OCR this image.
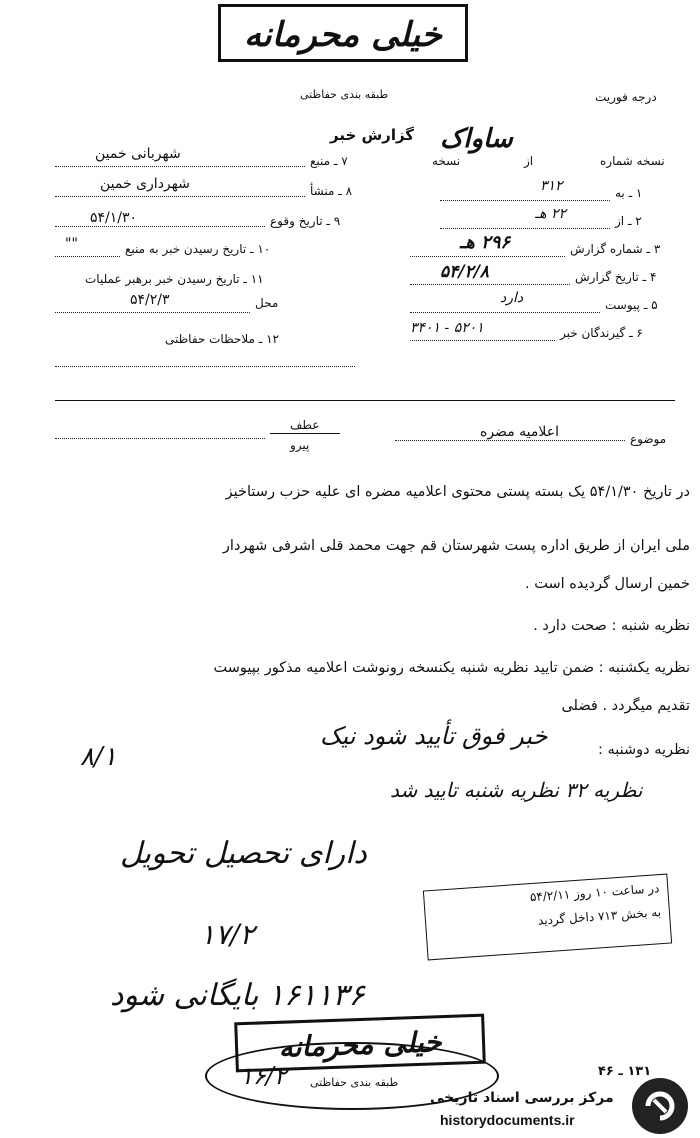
خیلی محرمانه
طبقه بندی حفاظتی	درجه فوریت
گزارش خبر
نسخه شماره
ساواک
از
نسخه
۱ ـ به
۳۱۲
۲ ـ از
۲۲ هـ
۳ ـ شماره گزارش
۲۹۶ هـ
۴ ـ تاریخ گزارش
۵۴/۲/۸
۵ ـ پیوست
دارد
۶ ـ گیرندگان خبر
۳۴۰۱ - ۵۲۰۱
۷ ـ منبع
شهربانی خمین
۸ ـ منشأ
شهرداری خمین
۹ ـ تاریخ وقوع
۵۴/۱/۳۰
۱۰ ـ تاریخ رسیدن خبر به منبع
""
۱۱ ـ تاریخ رسیدن خبر برهبر عملیات
محل
۵۴/۲/۳
۱۲ ـ ملاحظات حفاظتی
عطف
پیرو	موضوع
اعلامیه مضره
در تاریخ ۵۴/۱/۳۰ یک بسته پستی محتوی اعلامیه مضره ای علیه حزب رستاخیز
ملی ایران از طریق اداره پست شهرستان قم جهت محمد قلی اشرفی شهردار
خمین ارسال گردیده است .
نظریه شنبه : صحت دارد .
نظریه یکشنبه : ضمن تایید نظریه شنبه یکنسخه رونوشت اعلامیه مذکور بپیوست
تقدیم میگردد . فضلی
نظریه دوشنبه :
خبر فوق تأیید شود نیک
نظریه ۳۲ نظریه شنبه تایید شد
۸/۱
دارای تحصیل تحویل
۱۷/۲
۱۶۱۱۳۶ بایگانی شود
در ساعت ۱۰ روز ۵۴/۲/۱۱
به بخش ۷۱۳ داخل گردید
خیلی محرمانه
۱۶/۲ طبقه بندی حفاظتی
۱۳۱ ـ ۴۶
مرکز بررسی اسناد تاریخی
historydocuments.ir
